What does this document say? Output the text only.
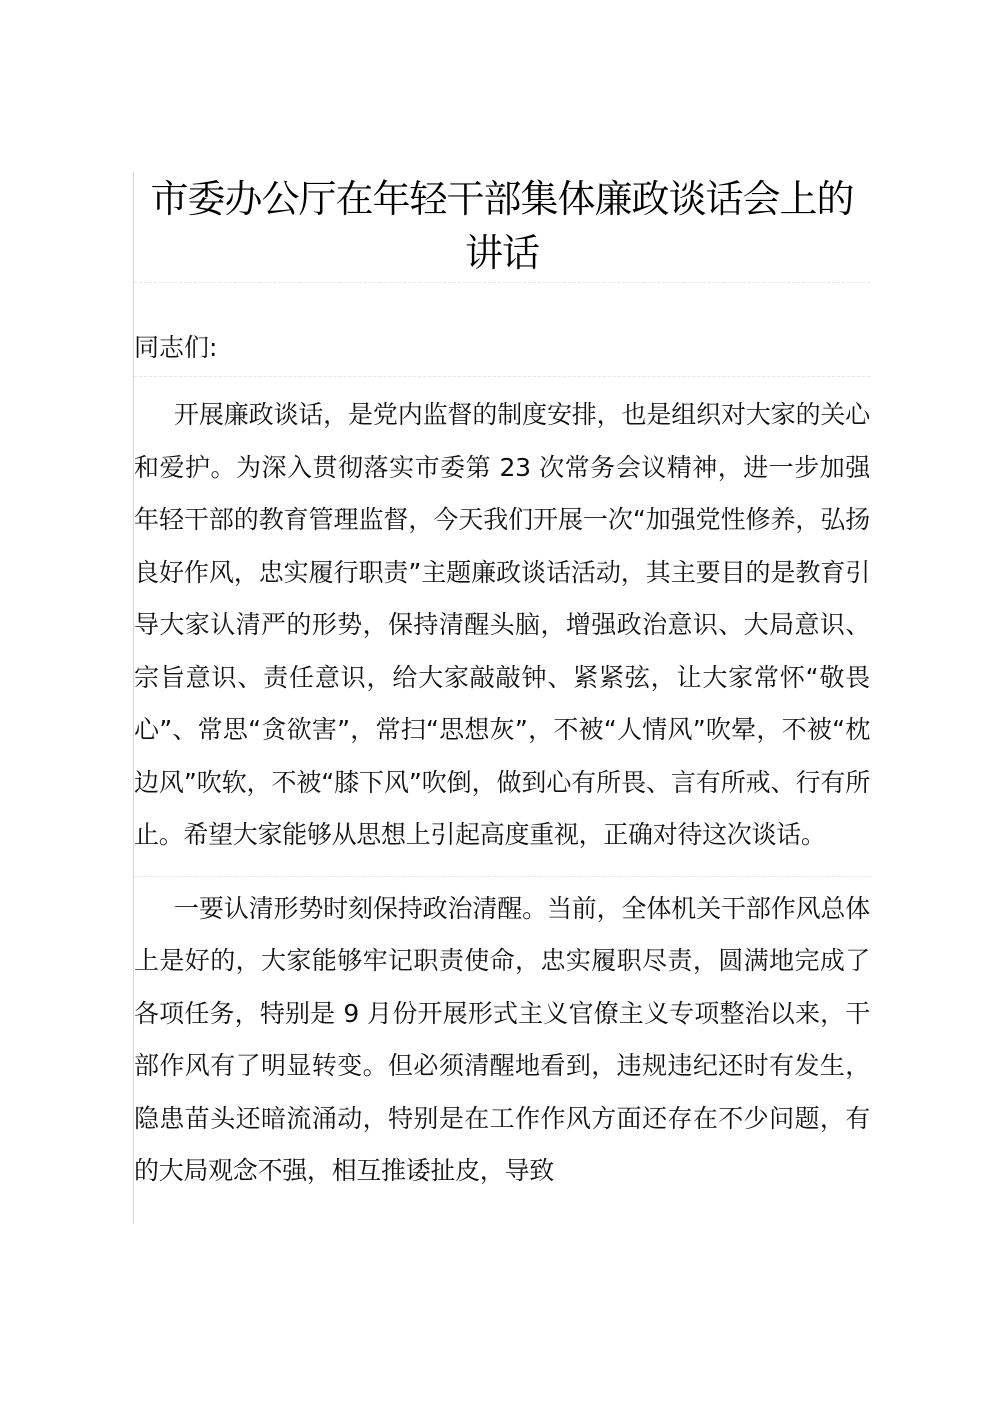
市委办公厅在年轻干部集体廉政谈话会上的讲话

同志们:

开展廉政谈话，是党内监督的制度安排，也是组织对大家的关心和爱护。为深入贯彻落实市委第 23 次常务会议精神，进一步加强年轻干部的教育管理监督，今天我们开展一次“加强党性修养，弘扬良好作风，忠实履行职责”主题廉政谈话活动，其主要目的是教育引导大家认清严的形势，保持清醒头脑，增强政治意识、大局意识、宗旨意识、责任意识，给大家敲敲钟、紧紧弦，让大家常怀“敬畏心”、常思“贪欲害”，常扫“思想灰”，不被“人情风”吹晕，不被“枕边风”吹软，不被“膝下风”吹倒，做到心有所畏、言有所戒、行有所止。希望大家能够从思想上引起高度重视，正确对待这次谈话。

一要认清形势时刻保持政治清醒。当前，全体机关干部作风总体上是好的，大家能够牢记职责使命，忠实履职尽责，圆满地完成了各项任务，特别是 9 月份开展形式主义官僚主义专项整治以来，干部作风有了明显转变。但必须清醒地看到，违规违纪还时有发生，隐患苗头还暗流涌动，特别是在工作作风方面还存在不少问题，有的大局观念不强，相互推诿扯皮，导致
